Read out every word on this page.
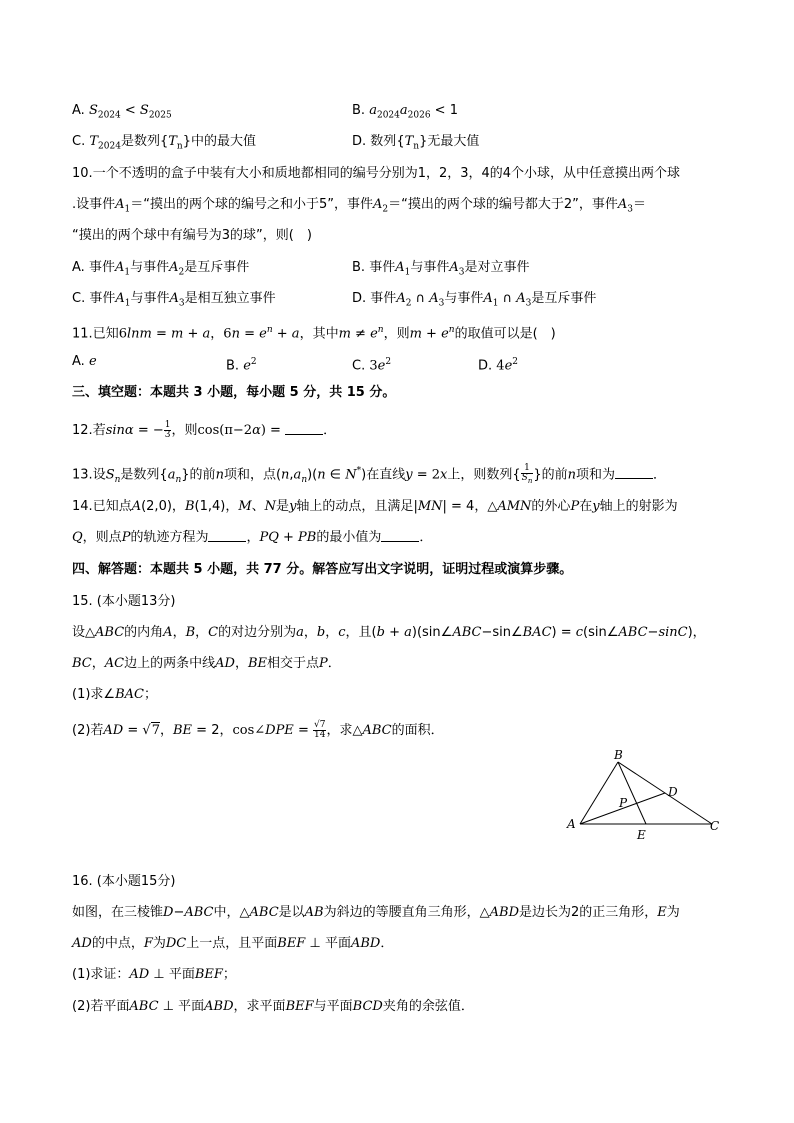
A. $S_{2024} < S_{2025}$	B. $a_{2024}a_{2026} < 1$
C. $T_{2024}$是数列$\{T_n\}$中的最大值	D. 数列$\{T_n\}$无最大值
10.一个不透明的盒子中装有大小和质地都相同的编号分别为1，2，3，4的4个小球，从中任意摸出两个球
.设事件$A_1=“$摸出的两个球的编号之和小于5”，事件$A_2=“$摸出的两个球的编号都大于2”，事件$A_3=$
“摸出的两个球中有编号为3的球”，则(　)
A. 事件$A_1$与事件$A_2$是互斥事件	B. 事件$A_1$与事件$A_3$是对立事件
C. 事件$A_1$与事件$A_3$是相互独立事件	D. 事件$A_2$ ∩ $A_3$与事件$A_1$ ∩ $A_3$是互斥事件
11.已知6lnm = m + a，$6n = e^n + a$，其中$m \ne e^n$，则$m + e^n$的取值可以是(　)
A. e	B. $e^2$	C. $3e^2$	D. $4e^2$
三、填空题：本题共 3 小题，每小题 5 分，共 15 分。
12.若sinα = − $\frac{1}{3}$ ，则cos(π−2α) =	．
13.设$S_n$是数列$\{a_n\}$的前n项和，点$(n,a_n)(n$ ∈ N*)在直线y = 2x上，则数列{ $\frac{1}{S_n}$ }的前n项和为	．
14.已知点A(2,0)，B(1,4)，M、N是y轴上的动点，且满足|MN| = 4，△AMN的外心P在y轴上的射影为
Q，则点P的轨迹方程为	，PQ + PB的最小值为	．
四、解答题：本题共 5 小题，共 77 分。解答应写出文字说明，证明过程或演算步骤。
15. (本小题13分)
设△ABC的内角A，B，C的对边分别为a，b，c，且(b + a)(sin∠ABC−sin∠BAC) = c(sin∠ABC−sinC)，
BC，AC边上的两条中线AD，BE相交于点P．
(1)求∠BAC；
(2)若AD = √7，BE = 2，cos∠DPE = $\frac{√7}{14}$ ，求△ABC的面积．
B
A	C
D
E
P
16. (本小题15分)
如图，在三棱锥D−ABC中，△ABC是以AB为斜边的等腰直角三角形，△ABD是边长为2的正三角形，E为
AD的中点，F为DC上一点，且平面BEF ⊥ 平面ABD．
(1)求证：AD ⊥ 平面BEF；
(2)若平面ABC ⊥ 平面ABD，求平面BEF与平面BCD夹角的余弦值．
